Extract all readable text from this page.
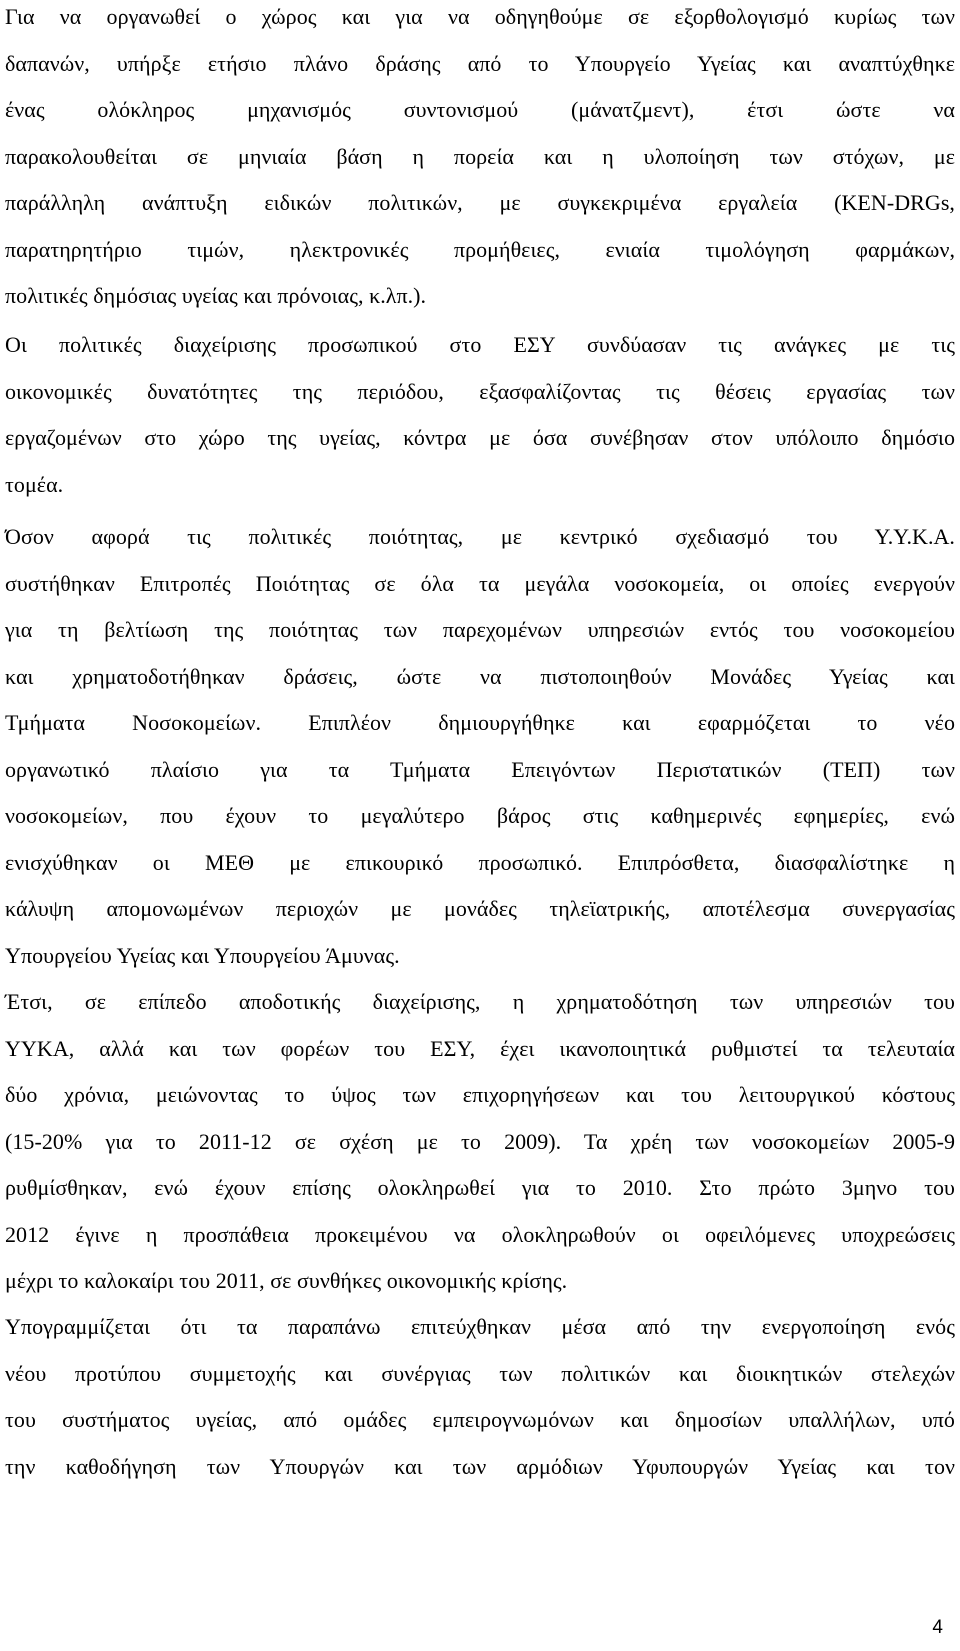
Για να οργανωθεί ο χώρος και για να οδηγηθούμε σε εξορθολογισμό κυρίως των
δαπανών, υπήρξε ετήσιο πλάνο δράσης από το Υπουργείο Υγείας και αναπτύχθηκε
ένας ολόκληρος μηχανισμός συντονισμού (μάνατζμεντ), έτσι ώστε να
παρακολουθείται σε μηνιαία βάση η πορεία και η υλοποίηση των στόχων, με
παράλληλη ανάπτυξη ειδικών πολιτικών, με συγκεκριμένα εργαλεία (KEN-DRGs,
παρατηρητήριο τιμών, ηλεκτρονικές προμήθειες, ενιαία τιμολόγηση φαρμάκων,
πολιτικές δημόσιας υγείας και πρόνοιας, κ.λπ.).
Οι πολιτικές διαχείρισης προσωπικού στο ΕΣΥ συνδύασαν τις ανάγκες με τις
οικονομικές δυνατότητες της περιόδου, εξασφαλίζοντας τις θέσεις εργασίας των
εργαζομένων στο χώρο της υγείας, κόντρα με όσα συνέβησαν στον υπόλοιπο δημόσιο
τομέα.
Όσον αφορά τις πολιτικές ποιότητας, με κεντρικό σχεδιασμό του Υ.Υ.Κ.Α.
συστήθηκαν Επιτροπές Ποιότητας σε όλα τα μεγάλα νοσοκομεία, οι οποίες ενεργούν
για τη βελτίωση της ποιότητας των παρεχομένων υπηρεσιών εντός του νοσοκομείου
και χρηματοδοτήθηκαν δράσεις, ώστε να πιστοποιηθούν Μονάδες Υγείας και
Τμήματα Νοσοκομείων. Επιπλέον δημιουργήθηκε και εφαρμόζεται το νέο
οργανωτικό πλαίσιο για τα Τμήματα Επειγόντων Περιστατικών (ΤΕΠ) των
νοσοκομείων, που έχουν το μεγαλύτερο βάρος στις καθημερινές εφημερίες, ενώ
ενισχύθηκαν οι ΜΕΘ με επικουρικό προσωπικό. Επιπρόσθετα, διασφαλίστηκε η
κάλυψη απομονωμένων περιοχών με μονάδες τηλεϊατρικής, αποτέλεσμα συνεργασίας
Υπουργείου Υγείας και Υπουργείου Άμυνας.
Έτσι, σε επίπεδο αποδοτικής διαχείρισης, η χρηματοδότηση των υπηρεσιών του
ΥΥΚΑ, αλλά και των φορέων του ΕΣΥ, έχει ικανοποιητικά ρυθμιστεί τα τελευταία
δύο χρόνια, μειώνοντας το ύψος των επιχορηγήσεων και του λειτουργικού κόστους
(15-20% για το 2011-12 σε σχέση με το 2009). Τα χρέη των νοσοκομείων 2005-9
ρυθμίσθηκαν, ενώ έχουν επίσης ολοκληρωθεί για το 2010. Στο πρώτο 3μηνο του
2012 έγινε η προσπάθεια προκειμένου να ολοκληρωθούν οι οφειλόμενες υποχρεώσεις
μέχρι το καλοκαίρι του 2011, σε συνθήκες οικονομικής κρίσης.
Υπογραμμίζεται ότι τα παραπάνω επιτεύχθηκαν μέσα από την ενεργοποίηση ενός
νέου προτύπου συμμετοχής και συνέργιας των πολιτικών και διοικητικών στελεχών
του συστήματος υγείας, από ομάδες εμπειρογνωμόνων και δημοσίων υπαλλήλων, υπό
την καθοδήγηση των Υπουργών και των αρμόδιων Υφυπουργών Υγείας και τον
4
